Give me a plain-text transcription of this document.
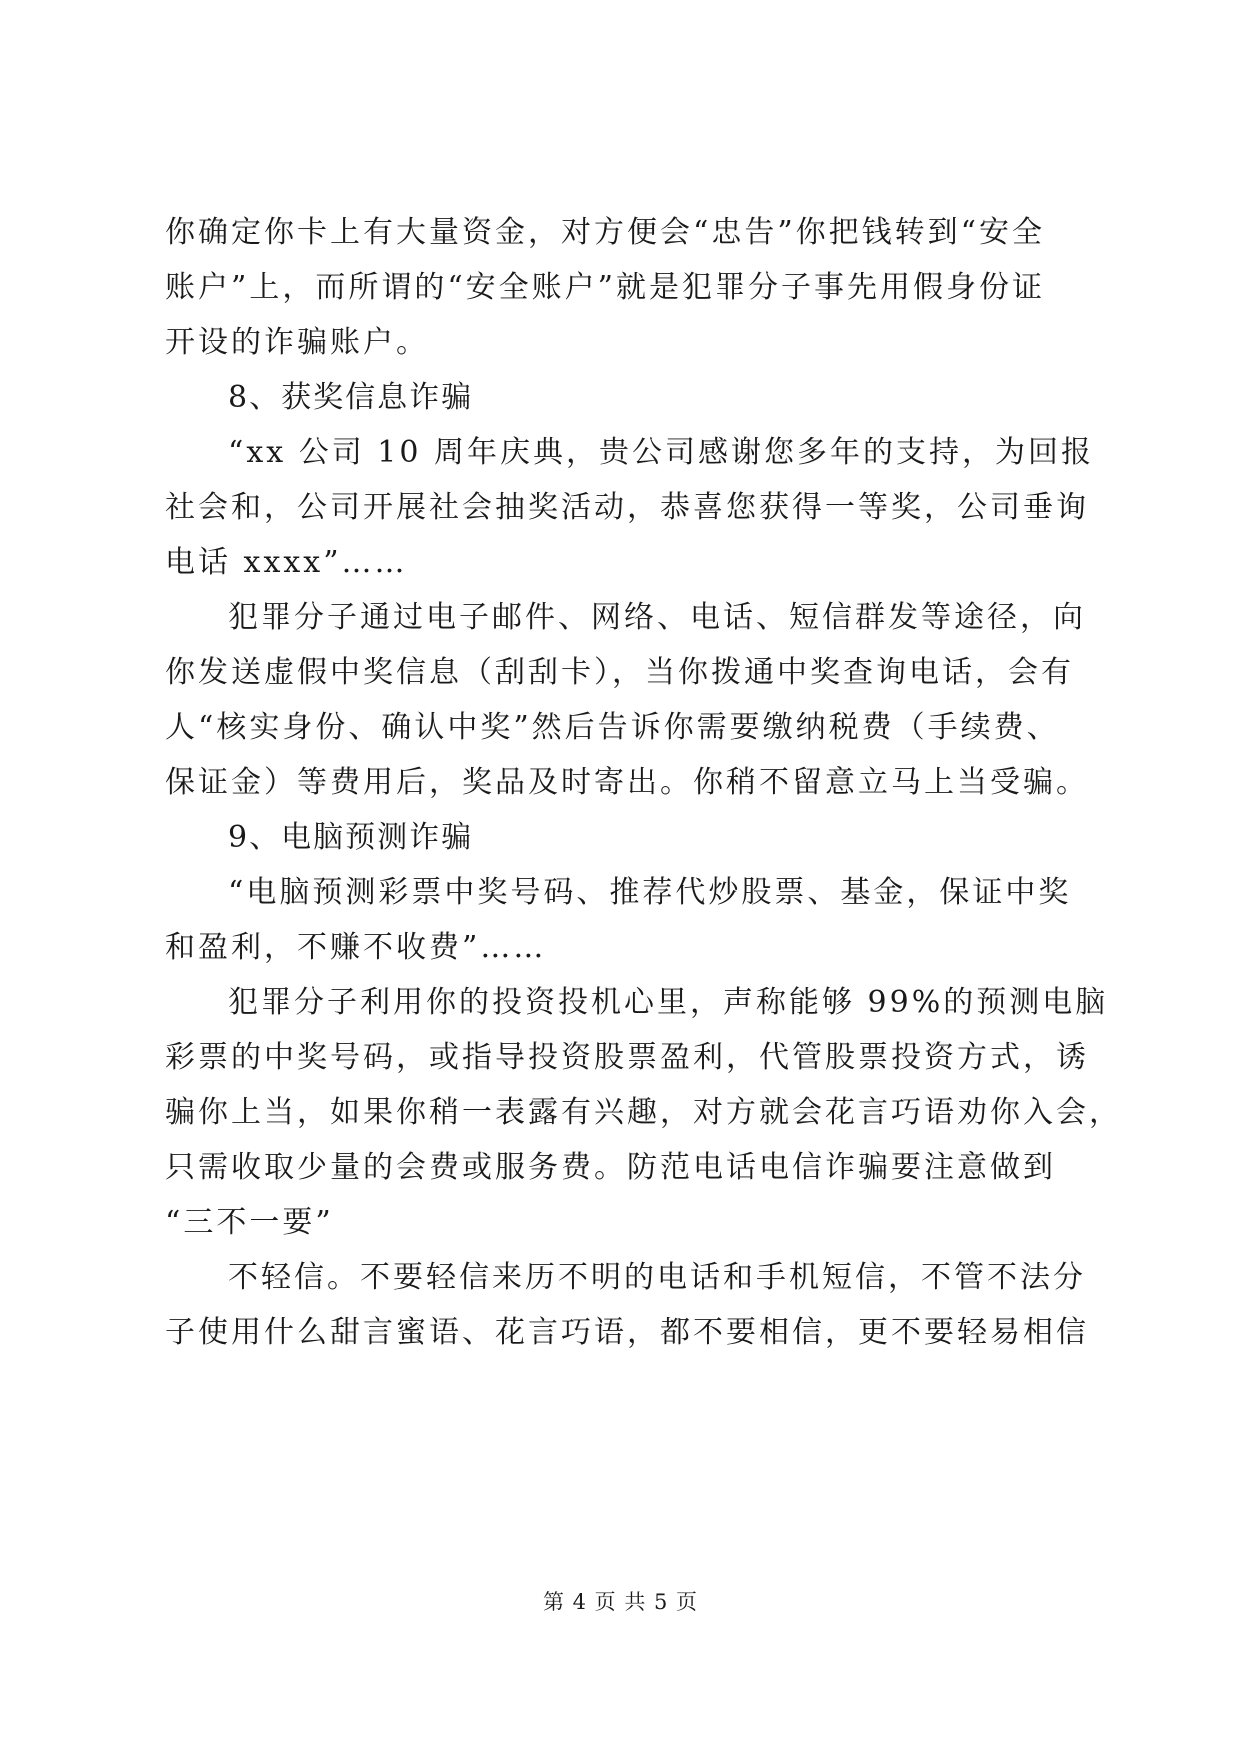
你确定你卡上有大量资金，对方便会“忠告”你把钱转到“安全
账户”上，而所谓的“安全账户”就是犯罪分子事先用假身份证
开设的诈骗账户。
8、获奖信息诈骗
“xx 公司 10 周年庆典，贵公司感谢您多年的支持，为回报
社会和，公司开展社会抽奖活动，恭喜您获得一等奖，公司垂询
电话 xxxx”……
犯罪分子通过电子邮件、网络、电话、短信群发等途径，向
你发送虚假中奖信息（刮刮卡），当你拨通中奖查询电话，会有
人“核实身份、确认中奖”然后告诉你需要缴纳税费（手续费、
保证金）等费用后，奖品及时寄出。你稍不留意立马上当受骗。
9、电脑预测诈骗
“电脑预测彩票中奖号码、推荐代炒股票、基金，保证中奖
和盈利，不赚不收费”……
犯罪分子利用你的投资投机心里，声称能够 99%的预测电脑
彩票的中奖号码，或指导投资股票盈利，代管股票投资方式，诱
骗你上当，如果你稍一表露有兴趣，对方就会花言巧语劝你入会，
只需收取少量的会费或服务费。防范电话电信诈骗要注意做到
“三不一要”
不轻信。不要轻信来历不明的电话和手机短信，不管不法分
子使用什么甜言蜜语、花言巧语，都不要相信，更不要轻易相信
第 4 页 共 5 页
